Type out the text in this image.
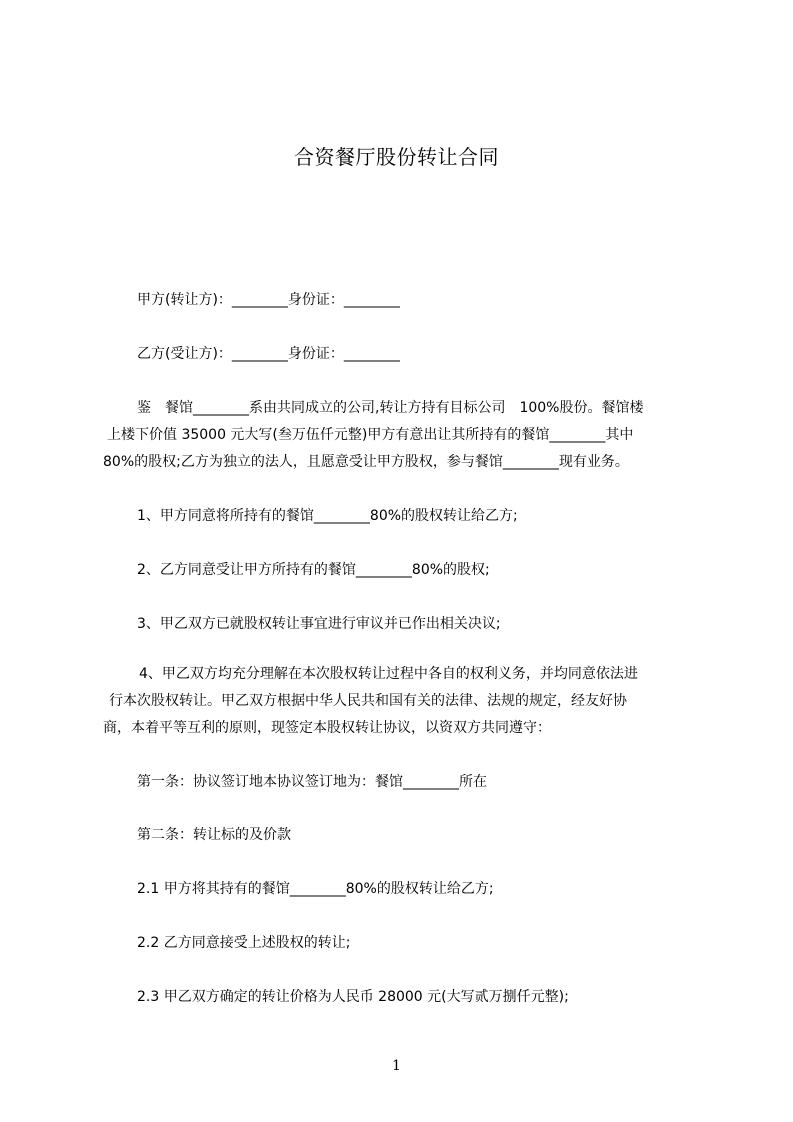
合资餐厅股份转让合同
甲方(转让方)：________身份证：________
乙方(受让方)：________身份证：________
鉴　餐馆________系由共同成立的公司,转让方持有目标公司　100%股份。餐馆楼
上楼下价值 35000 元大写(叁万伍仟元整)甲方有意出让其所持有的餐馆________其中
80%的股权;乙方为独立的法人，且愿意受让甲方股权，参与餐馆________现有业务。
1、甲方同意将所持有的餐馆________80%的股权转让给乙方;
2、乙方同意受让甲方所持有的餐馆________80%的股权;
3、甲乙双方已就股权转让事宜进行审议并已作出相关决议;
4、甲乙双方均充分理解在本次股权转让过程中各自的权利义务，并均同意依法进
行本次股权转让。甲乙双方根据中华人民共和国有关的法律、法规的规定，经友好协
商，本着平等互利的原则，现签定本股权转让协议，以资双方共同遵守：
第一条：协议签订地本协议签订地为：餐馆________所在
第二条：转让标的及价款
2.1 甲方将其持有的餐馆________80%的股权转让给乙方;
2.2 乙方同意接受上述股权的转让;
2.3 甲乙双方确定的转让价格为人民币 28000 元(大写贰万捌仟元整);
1
